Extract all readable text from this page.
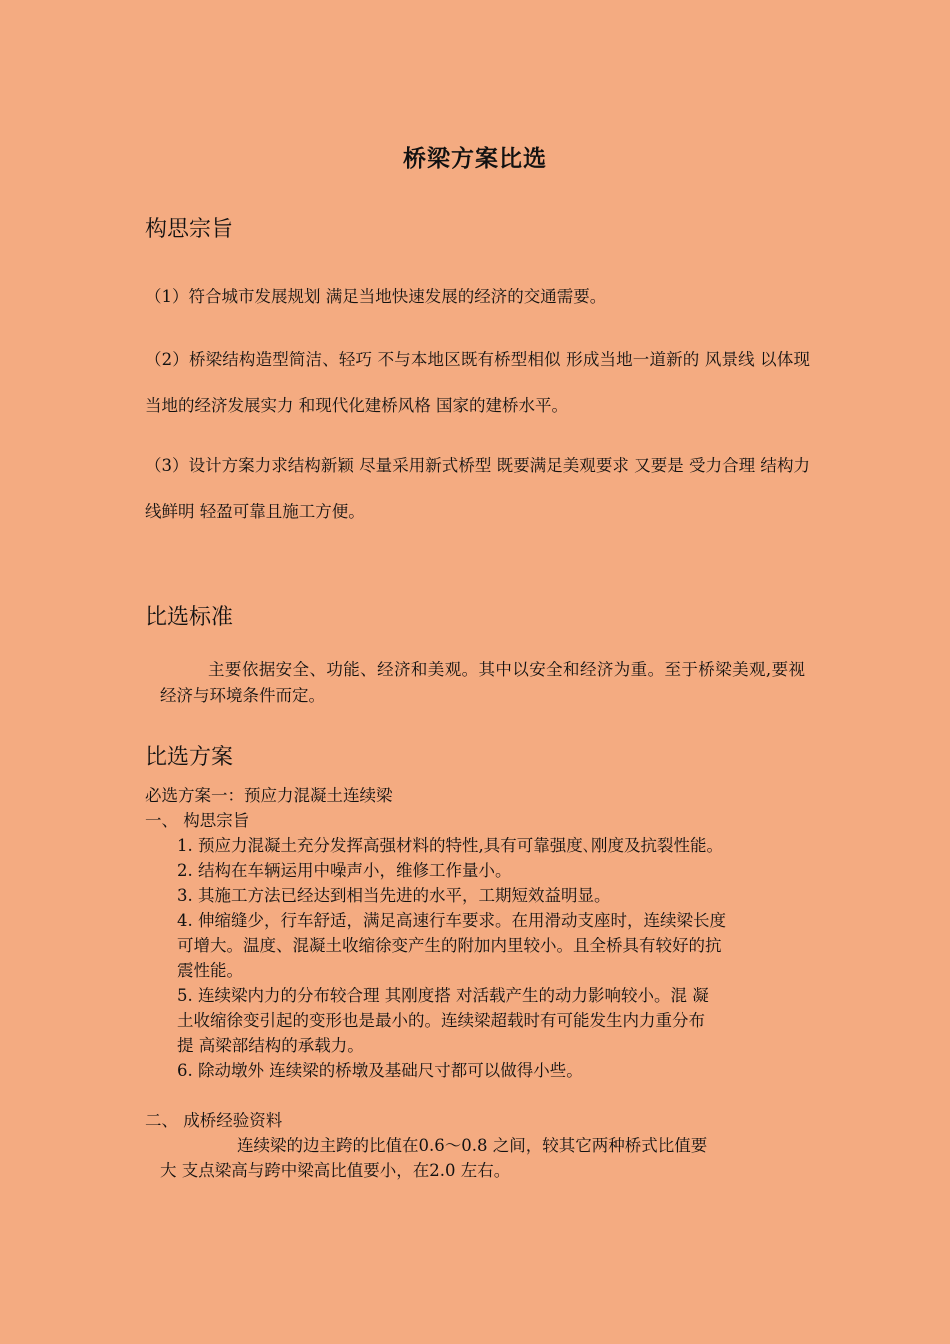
桥梁方案比选
构思宗旨
（1）符合城市发展规划 满足当地快速发展的经济的交通需要。
（2）桥梁结构造型简洁、轻巧 不与本地区既有桥型相似 形成当地一道新的 风景线 以体现当地的经济发展实力 和现代化建桥风格 国家的建桥水平。
（3）设计方案力求结构新颖 尽量采用新式桥型 既要满足美观要求 又要是 受力合理 结构力线鲜明 轻盈可靠且施工方便。
比选标准
主要依据安全、功能、经济和美观。其中以安全和经济为重。至于桥梁美观,要视经济与环境条件而定。
比选方案
必选方案一：预应力混凝土连续梁
一、 构思宗旨
1. 预应力混凝土充分发挥高强材料的特性,具有可靠强度､刚度及抗裂性能。
2. 结构在车辆运用中噪声小，维修工作量小。
3. 其施工方法已经达到相当先进的水平，工期短效益明显。
4. 伸缩缝少，行车舒适，满足高速行车要求。在用滑动支座时，连续梁长度
可增大。温度、混凝土收缩徐变产生的附加内里较小。且全桥具有较好的抗
震性能。
5. 连续梁内力的分布较合理 其刚度搭 对活载产生的动力影响较小。混 凝
土收缩徐变引起的变形也是最小的。连续梁超载时有可能发生内力重分布
提 高梁部结构的承载力。
6. 除动墩外 连续梁的桥墩及基础尺寸都可以做得小些。
二、 成桥经验资料
连续梁的边主跨的比值在0.6～0.8 之间，较其它两种桥式比值要
大 支点梁高与跨中梁高比值要小，在2.0 左右。
